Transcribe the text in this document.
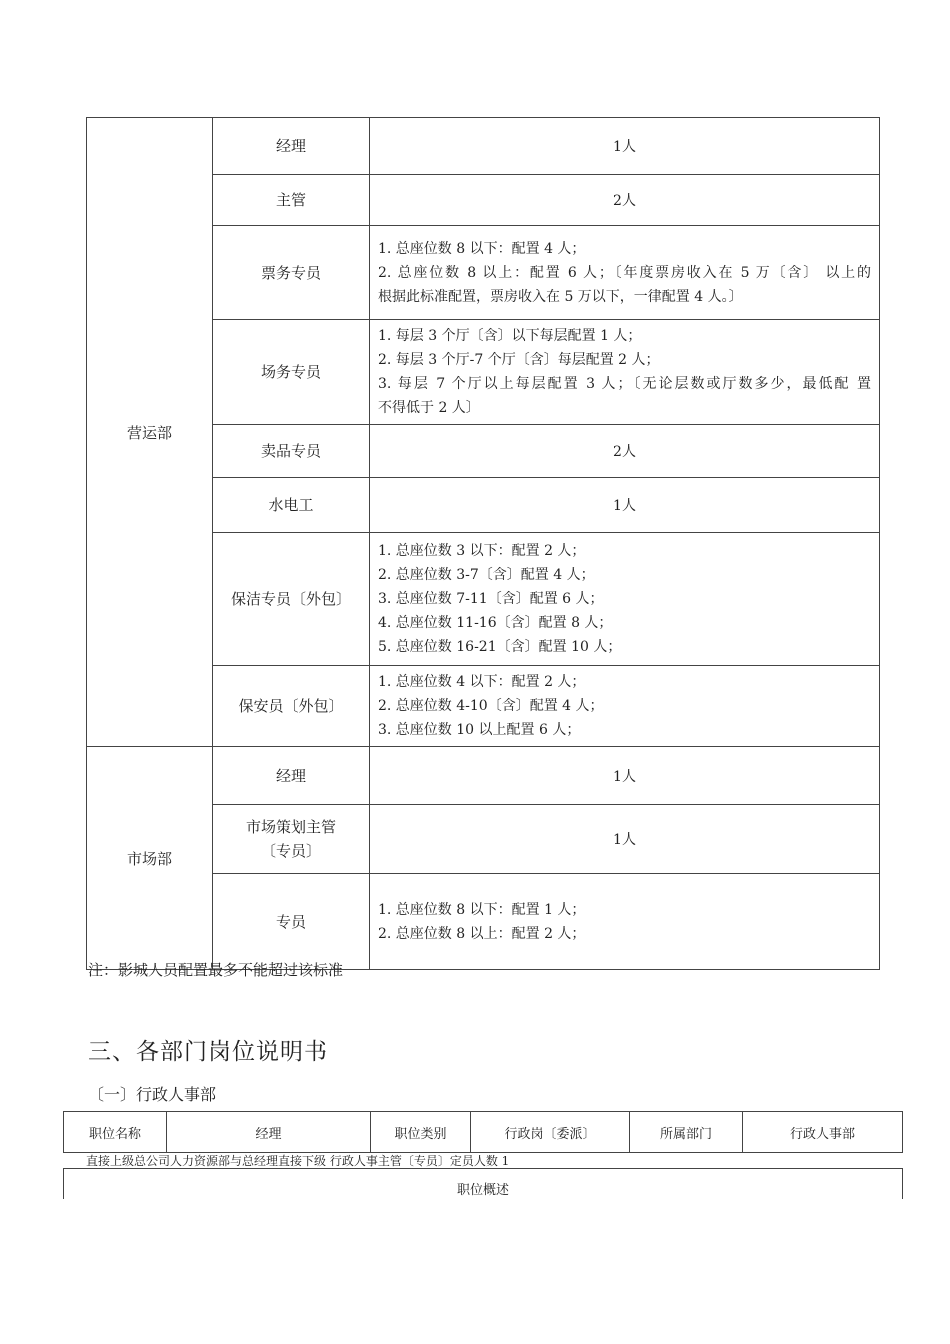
营运部	经理	1人
	主管	2人
	票务专员	1. 总座位数 8 以下：配置 4 人；
2. 总座位数 8 以上：配置 6 人；〔年度票房收入在 5 万〔含〕 以上的
根据此标准配置，票房收入在 5 万以下，一律配置 4 人。〕

	场务专员	1. 每层 3 个厅〔含〕以下每层配置 1 人；
2. 每层 3 个厅-7 个厅〔含〕每层配置 2 人；
3. 每层 7 个厅以上每层配置 3 人；〔无论层数或厅数多少，最低配 置
不得低于 2 人〕

	卖品专员	2人
	水电工	1人
	保洁专员〔外包〕	1. 总座位数 3 以下：配置 2 人；
2. 总座位数 3-7〔含〕配置 4 人；
3. 总座位数 7-11〔含〕配置 6 人；
4. 总座位数 11-16〔含〕配置 8 人；
5. 总座位数 16-21〔含〕配置 10 人；

	保安员〔外包〕	1. 总座位数 4 以下：配置 2 人；
2. 总座位数 4-10〔含〕配置 4 人；
3. 总座位数 10 以上配置 6 人；

市场部	经理	1人

	市场策划主管
〔专员〕	1人
	专员	1. 总座位数 8 以下：配置 1 人；
2. 总座位数 8 以上：配置 2 人；
注：影城人员配置最多不能超过该标准
三、各部门岗位说明书
〔一〕行政人事部
职位名称	经理	职位类别	行政岗〔委派〕	所属部门	行政人事部
直接上级总公司人力资源部与总经理直接下级 行政人事主管〔专员〕定员人数 1
职位概述
